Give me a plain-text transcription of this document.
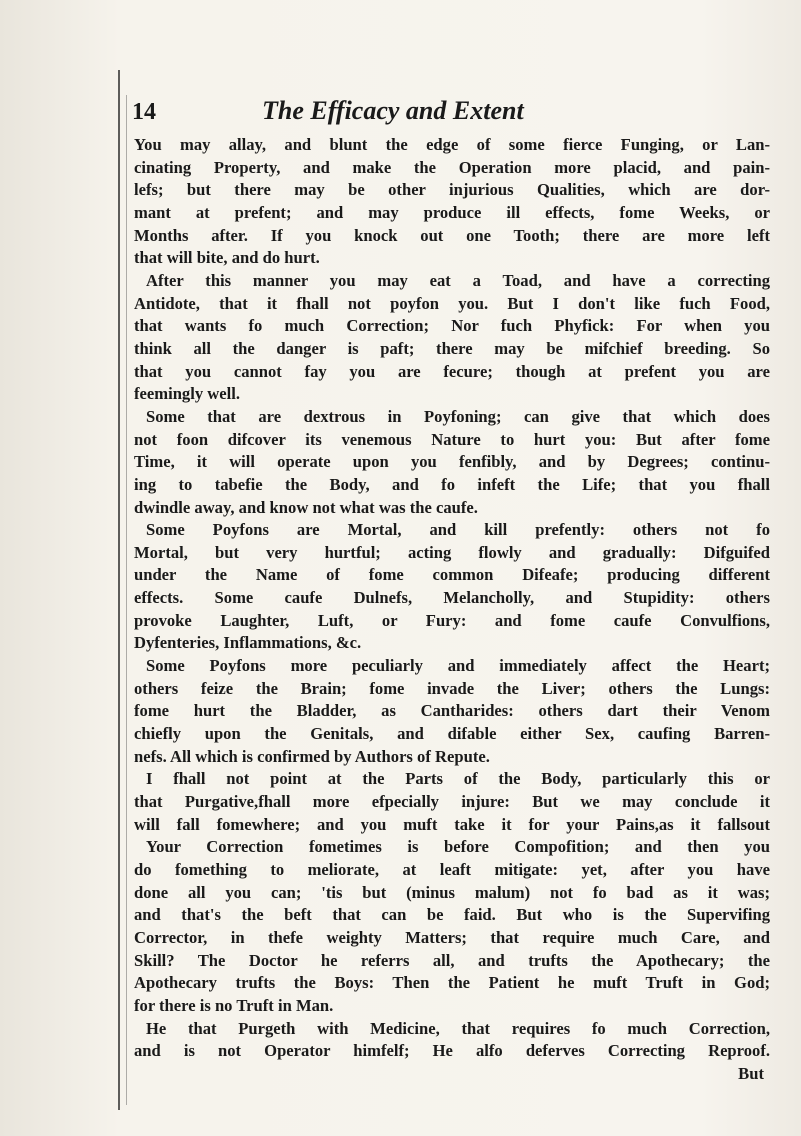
14	The Efficacy and Extent
You may allay, and blunt the edge of some fierce Funging, or Lan-
cinating Property, and make the Operation more placid, and pain-
lefs; but there may be other injurious Qualities, which are dor-
mant at prefent; and may produce ill effects, fome Weeks, or
Months after. If you knock out one Tooth; there are more left
that will bite, and do hurt.
After this manner you may eat a Toad, and have a correcting
Antidote, that it fhall not poyfon you. But I don't like fuch Food,
that wants fo much Correction; Nor fuch Phyfick: For when you
think all the danger is paft; there may be mifchief breeding. So
that you cannot fay you are fecure; though at prefent you are
feemingly well.
Some that are dextrous in Poyfoning; can give that which does
not foon difcover its venemous Nature to hurt you: But after fome
Time, it will operate upon you fenfibly, and by Degrees; continu-
ing to tabefie the Body, and fo infeft the Life; that you fhall
dwindle away, and know not what was the caufe.
Some Poyfons are Mortal, and kill prefently: others not fo
Mortal, but very hurtful; acting flowly and gradually: Difguifed
under the Name of fome common Difeafe; producing different
effects. Some caufe Dulnefs, Melancholly, and Stupidity: others
provoke Laughter, Luft, or Fury: and fome caufe Convulfions,
Dyfenteries, Inflammations, &c.
Some Poyfons more peculiarly and immediately affect the Heart;
others feize the Brain; fome invade the Liver; others the Lungs:
fome hurt the Bladder, as Cantharides: others dart their Venom
chiefly upon the Genitals, and difable either Sex, caufing Barren-
nefs. All which is confirmed by Authors of Repute.
I fhall not point at the Parts of the Body, particularly this or
that Purgative,fhall more efpecially injure: But we may conclude it
will fall fomewhere; and you muft take it for your Pains,as it fallsout
Your Correction fometimes is before Compofition; and then you
do fomething to meliorate, at leaft mitigate: yet, after you have
done all you can; 'tis but (minus malum) not fo bad as it was;
and that's the beft that can be faid. But who is the Supervifing
Corrector, in thefe weighty Matters; that require much Care, and
Skill? The Doctor he referrs all, and trufts the Apothecary; the
Apothecary trufts the Boys: Then the Patient he muft Truft in God;
for there is no Truft in Man.
He that Purgeth with Medicine, that requires fo much Correction,
and is not Operator himfelf; He alfo deferves Correcting Reproof.
But
